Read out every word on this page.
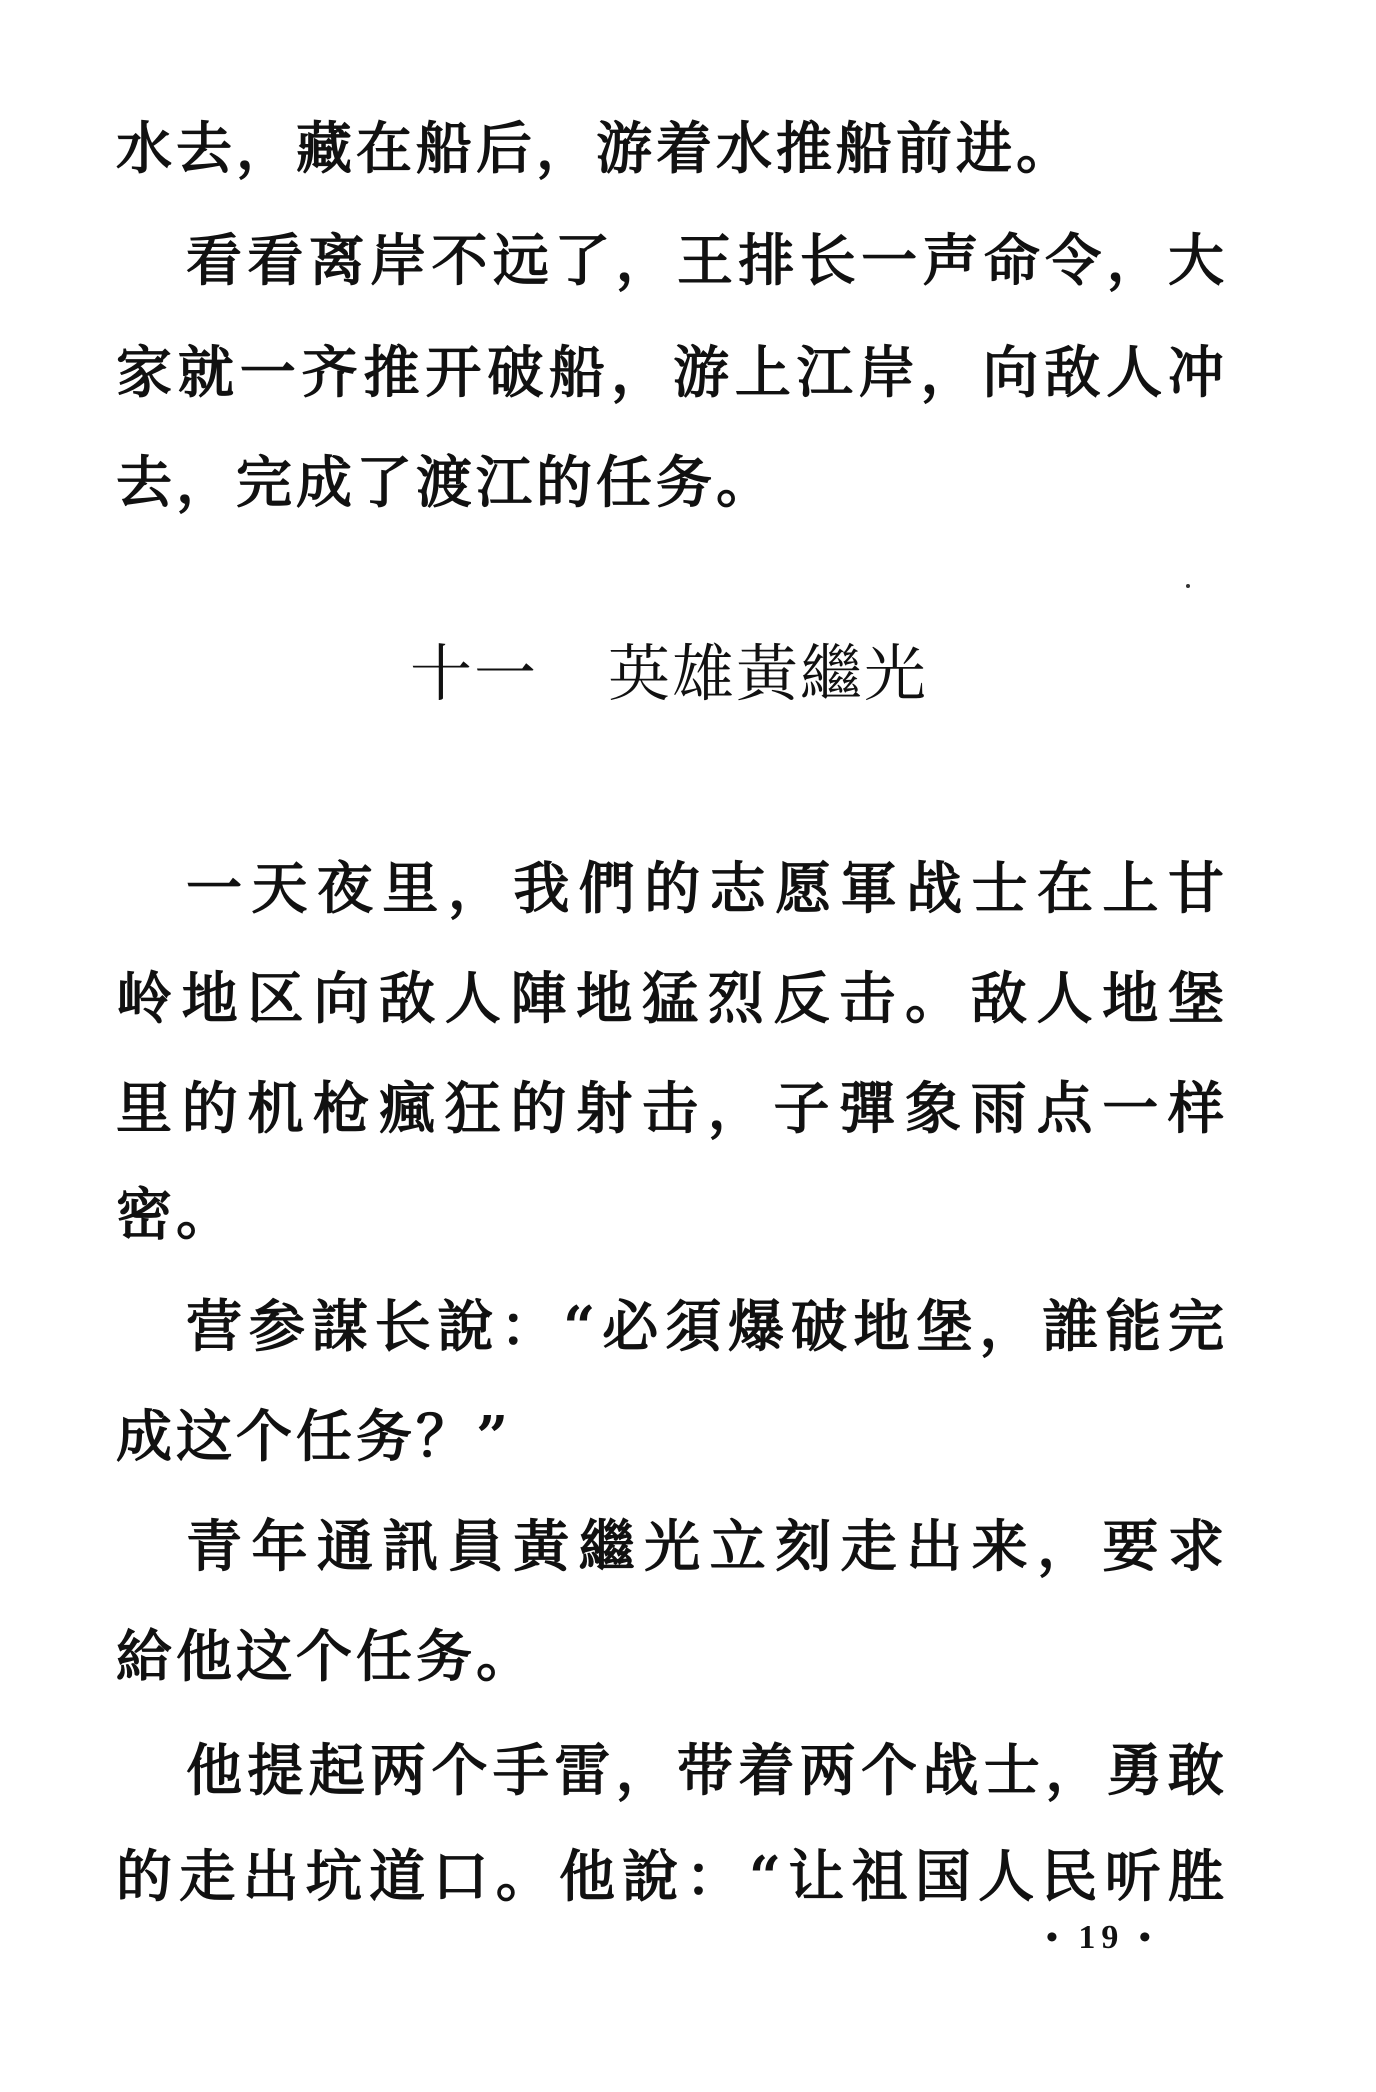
水去，藏在船后，游着水推船前进。
看看离岸不远了，王排长一声命令，大
家就一齐推开破船，游上江岸，向敌人冲
去，完成了渡江的任务。
十一 英雄黃繼光
一天夜里，我們的志愿軍战士在上甘
岭地区向敌人陣地猛烈反击。敌人地堡
里的机枪瘋狂的射击，子彈象雨点一样
密。
营参謀长說：“必須爆破地堡，誰能完
成这个任务？”
青年通訊員黃繼光立刻走出来，要求
給他这个任务。
他提起两个手雷，带着两个战士，勇敢
的走出坑道口。他說：“让祖国人民听胜
• 19 •
